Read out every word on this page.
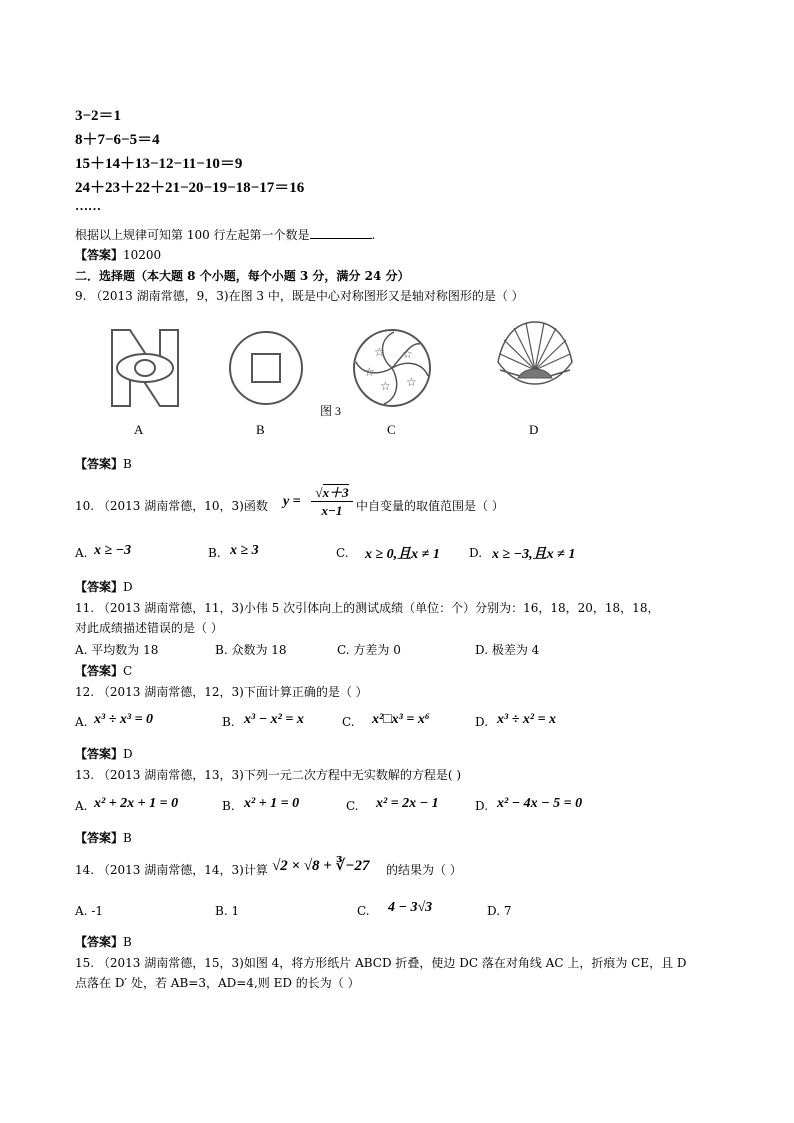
3−2＝1
8＋7−6−5＝4
15＋14＋13−12−11−10＝9
24＋23＋22＋21−20−19−18−17＝16
……
根据以上规律可知第 100 行左起第一个数是	.
【答案】10200
二．选择题（本大题 8 个小题，每个小题 3 分，满分 24 分）
9. （2013 湖南常德，9，3)在图 3 中，既是中心对称图形又是轴对称图形的是（ ）
☆ ☆
☆
☆
☆
图 3
A	B	C	D
【答案】B
10. （2013 湖南常德，10，3)函数 $y = \frac{√x+3}{x-1}$ 中自变量的取值范围是（ ）
A. x ≥ −3	B. x ≥ 3	C. x ≥ 0,且x ≠ 1 D. x ≥ −3,且x ≠ 1
【答案】D
11. （2013 湖南常德，11，3)小伟 5 次引体向上的测试成绩（单位：个）分别为：16，18，20，18，18，
对此成绩描述错误的是（ ）
A. 平均数为 18	B. 众数为 18	C. 方差为 0	D. 极差为 4
【答案】C
12. （2013 湖南常德，12，3)下面计算正确的是（ ）
A. x³ ÷ x³ = 0	B. x³ − x² = x	C. x²□x³ = x⁶	D. x³ ÷ x² = x
【答案】D
13. （2013 湖南常德，13，3)下列一元二次方程中无实数解的方程是( )
A. x² + 2x + 1 = 0	B. x² + 1 = 0	C. x² = 2x − 1	D. x² − 4x − 5 = 0
【答案】B
14. （2013 湖南常德，14，3)计算 √2 × √8 + ∛−27 的结果为（ ）
A. -1	B. 1	C. 4 − 3√3	D. 7
【答案】B
15. （2013 湖南常德，15，3)如图 4，将方形纸片 ABCD 折叠，使边 DC 落在对角线 AC 上，折痕为 CE，且 D
点落在 D′ 处，若 AB=3，AD=4,则 ED 的长为（ ）
